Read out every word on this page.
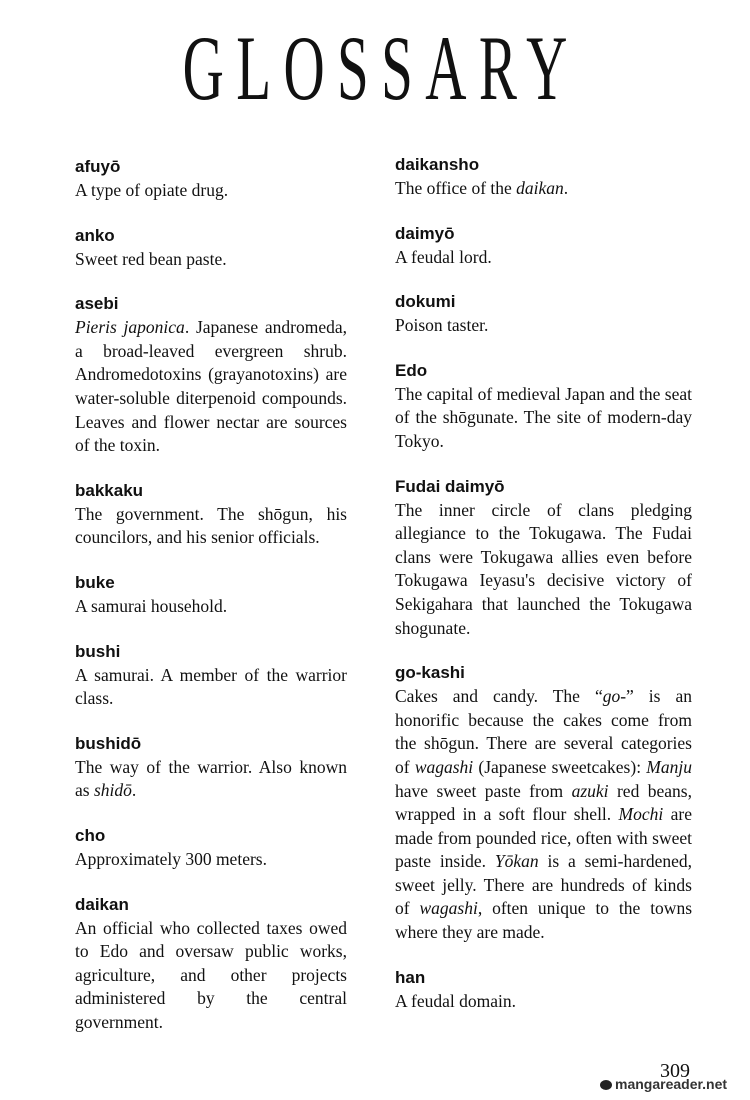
GLOSSARY
afuyō
A type of opiate drug.
anko
Sweet red bean paste.
asebi
Pieris japonica. Japanese andromeda, a broad-leaved evergreen shrub. Andromedotoxins (grayanotoxins) are water-soluble diterpenoid compounds. Leaves and flower nectar are sources of the toxin.
bakkaku
The government. The shōgun, his councilors, and his senior officials.
buke
A samurai household.
bushi
A samurai. A member of the warrior class.
bushidō
The way of the warrior. Also known as shidō.
cho
Approximately 300 meters.
daikan
An official who collected taxes owed to Edo and oversaw public works, agriculture, and other projects administered by the central government.
daikansho
The office of the daikan.
daimyō
A feudal lord.
dokumi
Poison taster.
Edo
The capital of medieval Japan and the seat of the shōgunate. The site of modern-day Tokyo.
Fudai daimyō
The inner circle of clans pledging allegiance to the Tokugawa. The Fudai clans were Tokugawa allies even before Tokugawa Ieyasu's decisive victory of Sekigahara that launched the Tokugawa shogunate.
go-kashi
Cakes and candy. The “go-” is an honorific because the cakes come from the shōgun. There are several categories of wagashi (Japanese sweetcakes): Manju have sweet paste from azuki red beans, wrapped in a soft flour shell. Mochi are made from pounded rice, often with sweet paste inside. Yōkan is a semi-hardened, sweet jelly. There are hundreds of kinds of wagashi, often unique to the towns where they are made.
han
A feudal domain.
309
mangareader.net
